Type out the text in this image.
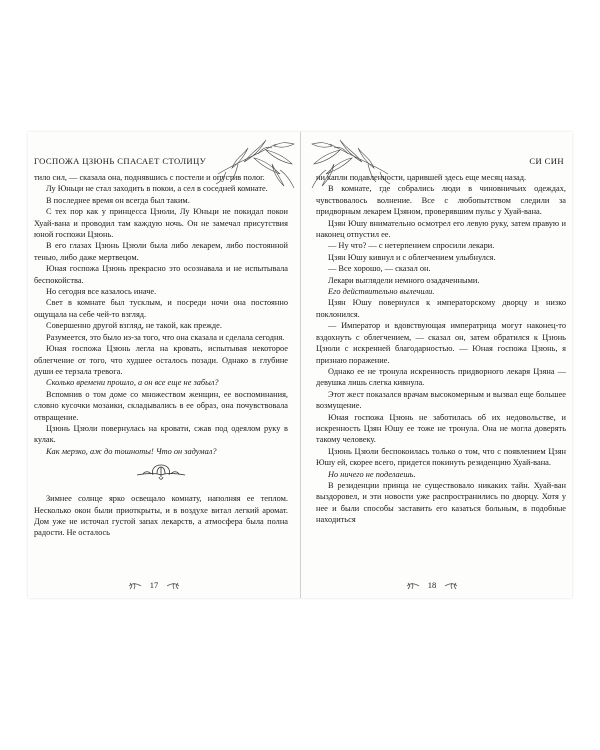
ГОСПОЖА ЦЗЮНЬ СПАСАЕТ СТОЛИЦУ

тило сил, — сказала она, поднявшись с постели и опустив полог.

Лу Юньци не стал заходить в покои, а сел в соседней комнате.

В последнее время он всегда был таким.

С тех пор как у принцесса Цзюли, Лу Юньци не покидал покои Хуай-вана и проводил там каждую ночь. Он не замечал присутствия юной госпожи Цзюнь.

В его глазах Цзюнь Цзюли была либо лекарем, либо постоянной тенью, либо даже мертвецом.

Юная госпожа Цзюнь прекрасно это осознавала и не испытывала беспокойства.

Но сегодня все казалось иначе.

Свет в комнате был тусклым, и посреди ночи она постоянно ощущала на себе чей-то взгляд.

Совершенно другой взгляд, не такой, как прежде.

Разумеется, это было из-за того, что она сказала и сделала сегодня.

Юная госпожа Цзюнь легла на кровать, испытывая некоторое облегчение от того, что худшее осталось позади. Однако в глубине души ее терзала тревога.

Сколько времени прошло, а он все еще не забыл?

Вспомнив о том доме со множеством женщин, ее воспоминания, словно кусочки мозаики, складывались в ее образ, она почувствовала отвращение.

Цзюнь Цзюли повернулась на кровати, сжав под одеялом руку в кулак.

Как мерзко, аж до тошноты! Что он задумал?

Зимнее солнце ярко освещало комнату, наполняя ее теплом. Несколько окон были приоткрыты, и в воздухе витал легкий аромат. Дом уже не источал густой запах лекарств, а атмосфера была полна радости. Не осталось

17
СИ СИН

ни капли подавленности, царившей здесь еще месяц назад.

В комнате, где собрались люди в чиновничьих одеждах, чувствовалось волнение. Все с любопытством следили за придворным лекарем Цзяном, проверявшим пульс у Хуай-вана.

Цзян Юшу внимательно осмотрел его левую руку, затем правую и наконец отпустил ее.

— Ну что? — с нетерпением спросили лекари.

Цзян Юшу кивнул и с облегчением улыбнулся.

— Все хорошо, — сказал он.

Лекари выглядели немного озадаченными.

Его действительно вылечили.

Цзян Юшу повернулся к императорскому дворцу и низко поклонился.

— Император и вдовствующая императрица могут наконец-то вздохнуть с облегчением, — сказал он, затем обратился к Цзюнь Цзюли с искренней благодарностью. — Юная госпожа Цзюнь, я признаю поражение.

Однако ее не тронула искренность придворного лекаря Цзяна — девушка лишь слегка кивнула.

Этот жест показался врачам высокомерным и вызвал еще большее возмущение.

Юная госпожа Цзюнь не заботилась об их недовольстве, и искренность Цзян Юшу ее тоже не тронула. Она не могла доверять такому человеку.

Цзюнь Цзюли беспокоилась только о том, что с появлением Цзян Юшу ей, скорее всего, придется покинуть резиденцию Хуай-вана.

Но ничего не поделаешь.

В резиденции принца не существовало никаких тайн. Хуай-ван выздоровел, и эти новости уже распространились по дворцу. Хотя у нее и были способы заставить его казаться больным, в подобные находиться

18
